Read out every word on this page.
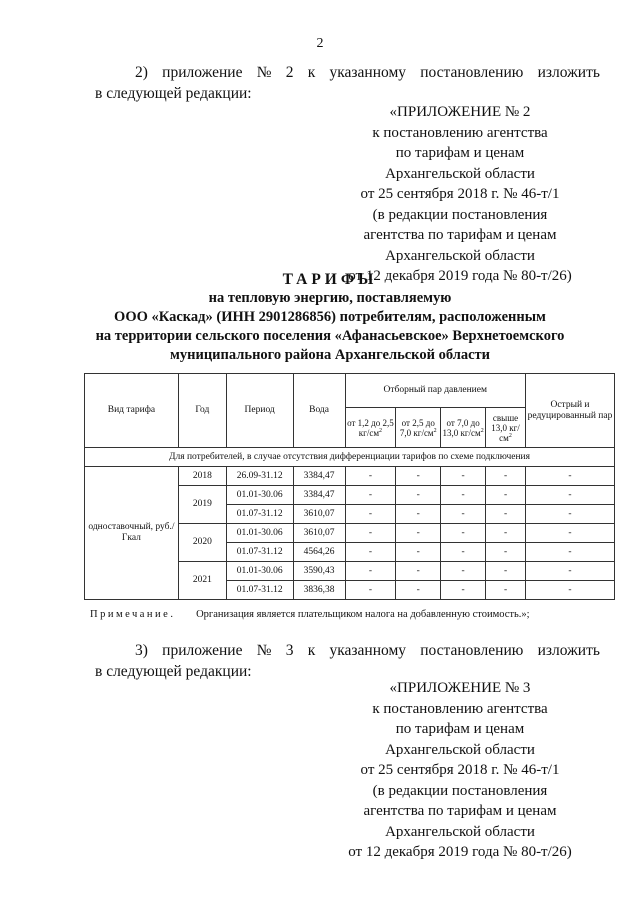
2
2) приложение № 2 к указанному постановлению изложить
в следующей редакции:
«ПРИЛОЖЕНИЕ № 2
к постановлению агентства
по тарифам и ценам
Архангельской области
от 25 сентября 2018 г. № 46-т/1
(в редакции постановления
агентства по тарифам и ценам
Архангельской области
от 12 декабря 2019 года № 80-т/26)
ТАРИФЫ
на тепловую энергию, поставляемую
ООО «Каскад» (ИНН 2901286856) потребителям, расположенным
на территории сельского поселения «Афанасьевское» Верхнетоемского
муниципального района Архангельской области
Вид тарифа	Год	Период	Вода	Отборный пар давлением				Острый и редуцированный пар
				от 1,2 до 2,5 $кг/см^2$	от 2,5 до 7,0 $кг/см^2$	от 7,0 до 13,0 $кг/см^2$	свыше 13,0 $кг/см^2$
Для потребителей, в случае отсутствия дифференциации тарифов по схеме подключения								
одноставочный, руб./Гкал	2018	26.09-31.12	3384,47	-	-	-	-	-
	2019	01.01-30.06	3384,47	-	-	-	-	-
		01.07-31.12	3610,07	-	-	-	-	-
	2020	01.01-30.06	3610,07	-	-	-	-	-
		01.07-31.12	4564,26	-	-	-	-	-
	2021	01.01-30.06	3590,43	-	-	-	-	-
		01.07-31.12	3836,38	-	-	-	-	-
Примечание. Организация является плательщиком налога на добавленную стоимость.»;
3) приложение № 3 к указанному постановлению изложить
в следующей редакции:
«ПРИЛОЖЕНИЕ № 3
к постановлению агентства
по тарифам и ценам
Архангельской области
от 25 сентября 2018 г. № 46-т/1
(в редакции постановления
агентства по тарифам и ценам
Архангельской области
от 12 декабря 2019 года № 80-т/26)
